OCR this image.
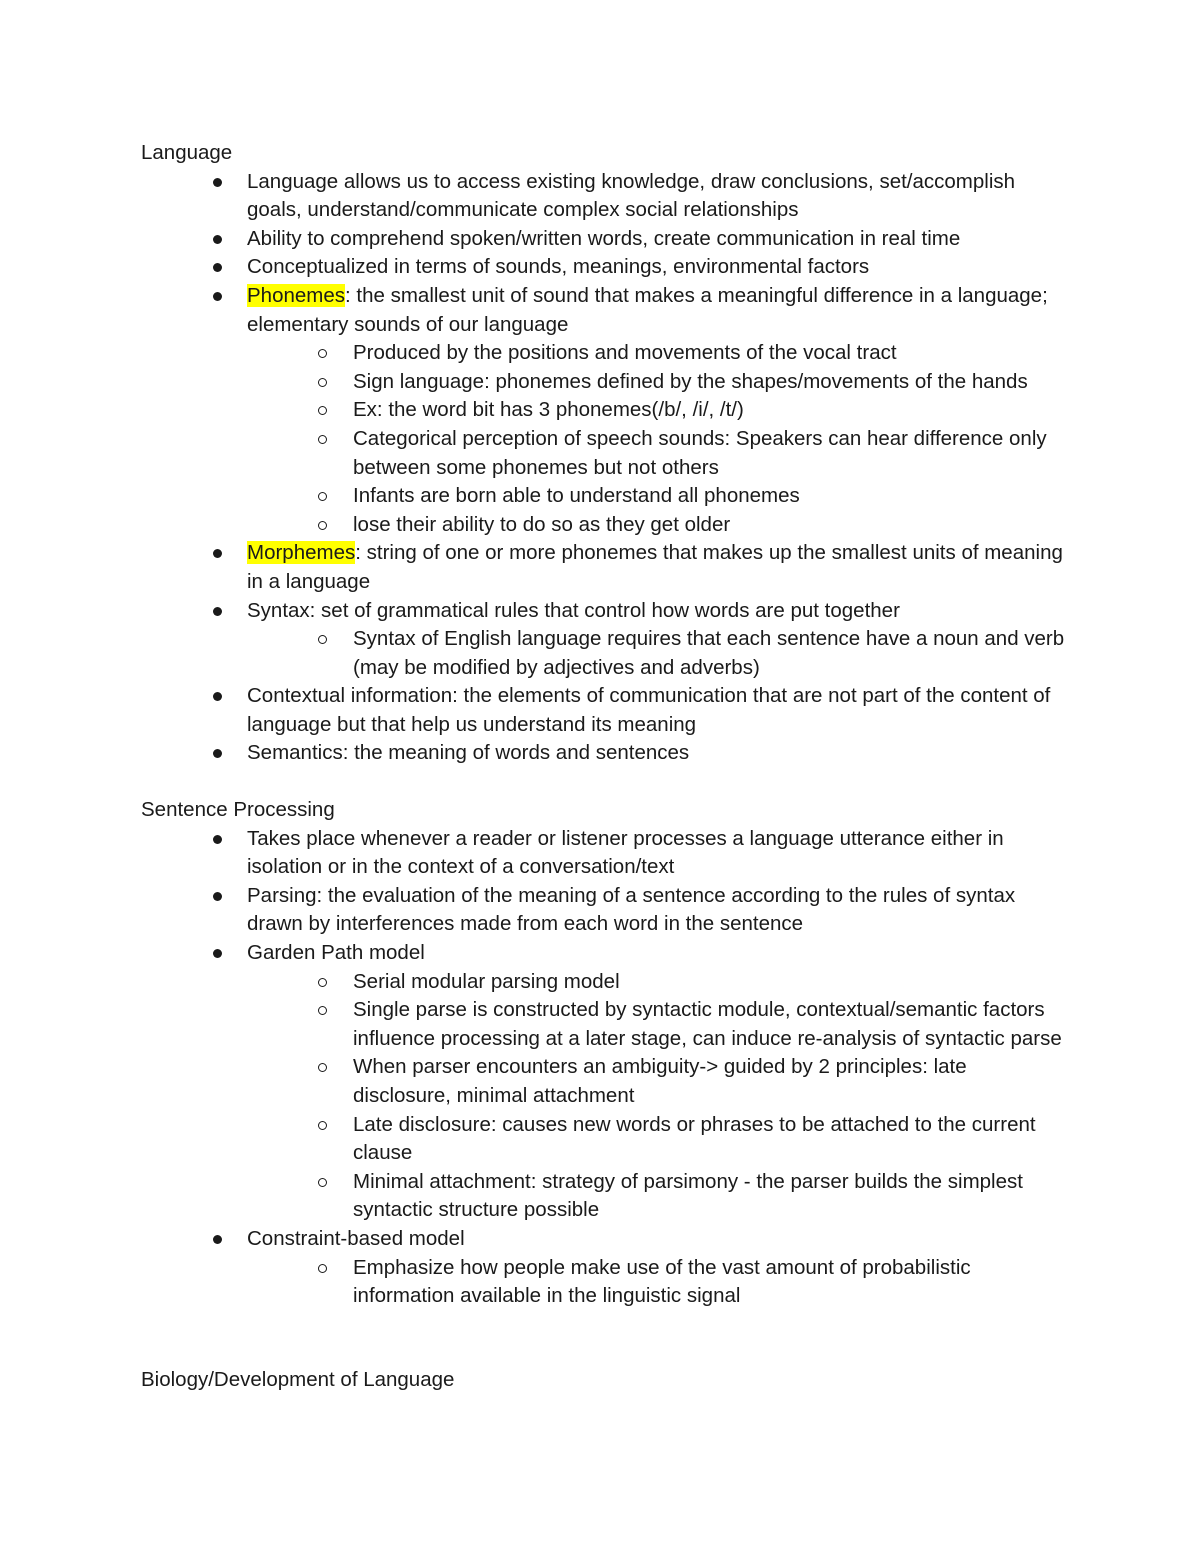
Language
Language allows us to access existing knowledge, draw conclusions, set/accomplish goals, understand/communicate complex social relationships
Ability to comprehend spoken/written words, create communication in real time
Conceptualized in terms of sounds, meanings, environmental factors
Phonemes: the smallest unit of sound that makes a meaningful difference in a language; elementary sounds of our language
Produced by the positions and movements of the vocal tract
Sign language: phonemes defined by the shapes/movements of the hands
Ex: the word bit has 3 phonemes(/b/, /i/, /t/)
Categorical perception of speech sounds: Speakers can hear difference only between some phonemes but not others
Infants are born able to understand all phonemes
lose their ability to do so as they get older
Morphemes: string of one or more phonemes that makes up the smallest units of meaning in a language
Syntax: set of grammatical rules that control how words are put together
Syntax of English language requires that each sentence have a noun and verb (may be modified by adjectives and adverbs)
Contextual information: the elements of communication that are not part of the content of language but that help us understand its meaning
Semantics: the meaning of words and sentences
Sentence Processing
Takes place whenever a reader or listener processes a language utterance either in isolation or in the context of a conversation/text
Parsing: the evaluation of the meaning of a sentence according to the rules of syntax drawn by interferences made from each word in the sentence
Garden Path model
Serial modular parsing model
Single parse is constructed by syntactic module, contextual/semantic factors influence processing at a later stage, can induce re-analysis of syntactic parse
When parser encounters an ambiguity-> guided by 2 principles: late disclosure, minimal attachment
Late disclosure: causes new words or phrases to be attached to the current clause
Minimal attachment: strategy of parsimony - the parser builds the simplest syntactic structure possible
Constraint-based model
Emphasize how people make use of the vast amount of probabilistic information available in the linguistic signal
Biology/Development of Language
